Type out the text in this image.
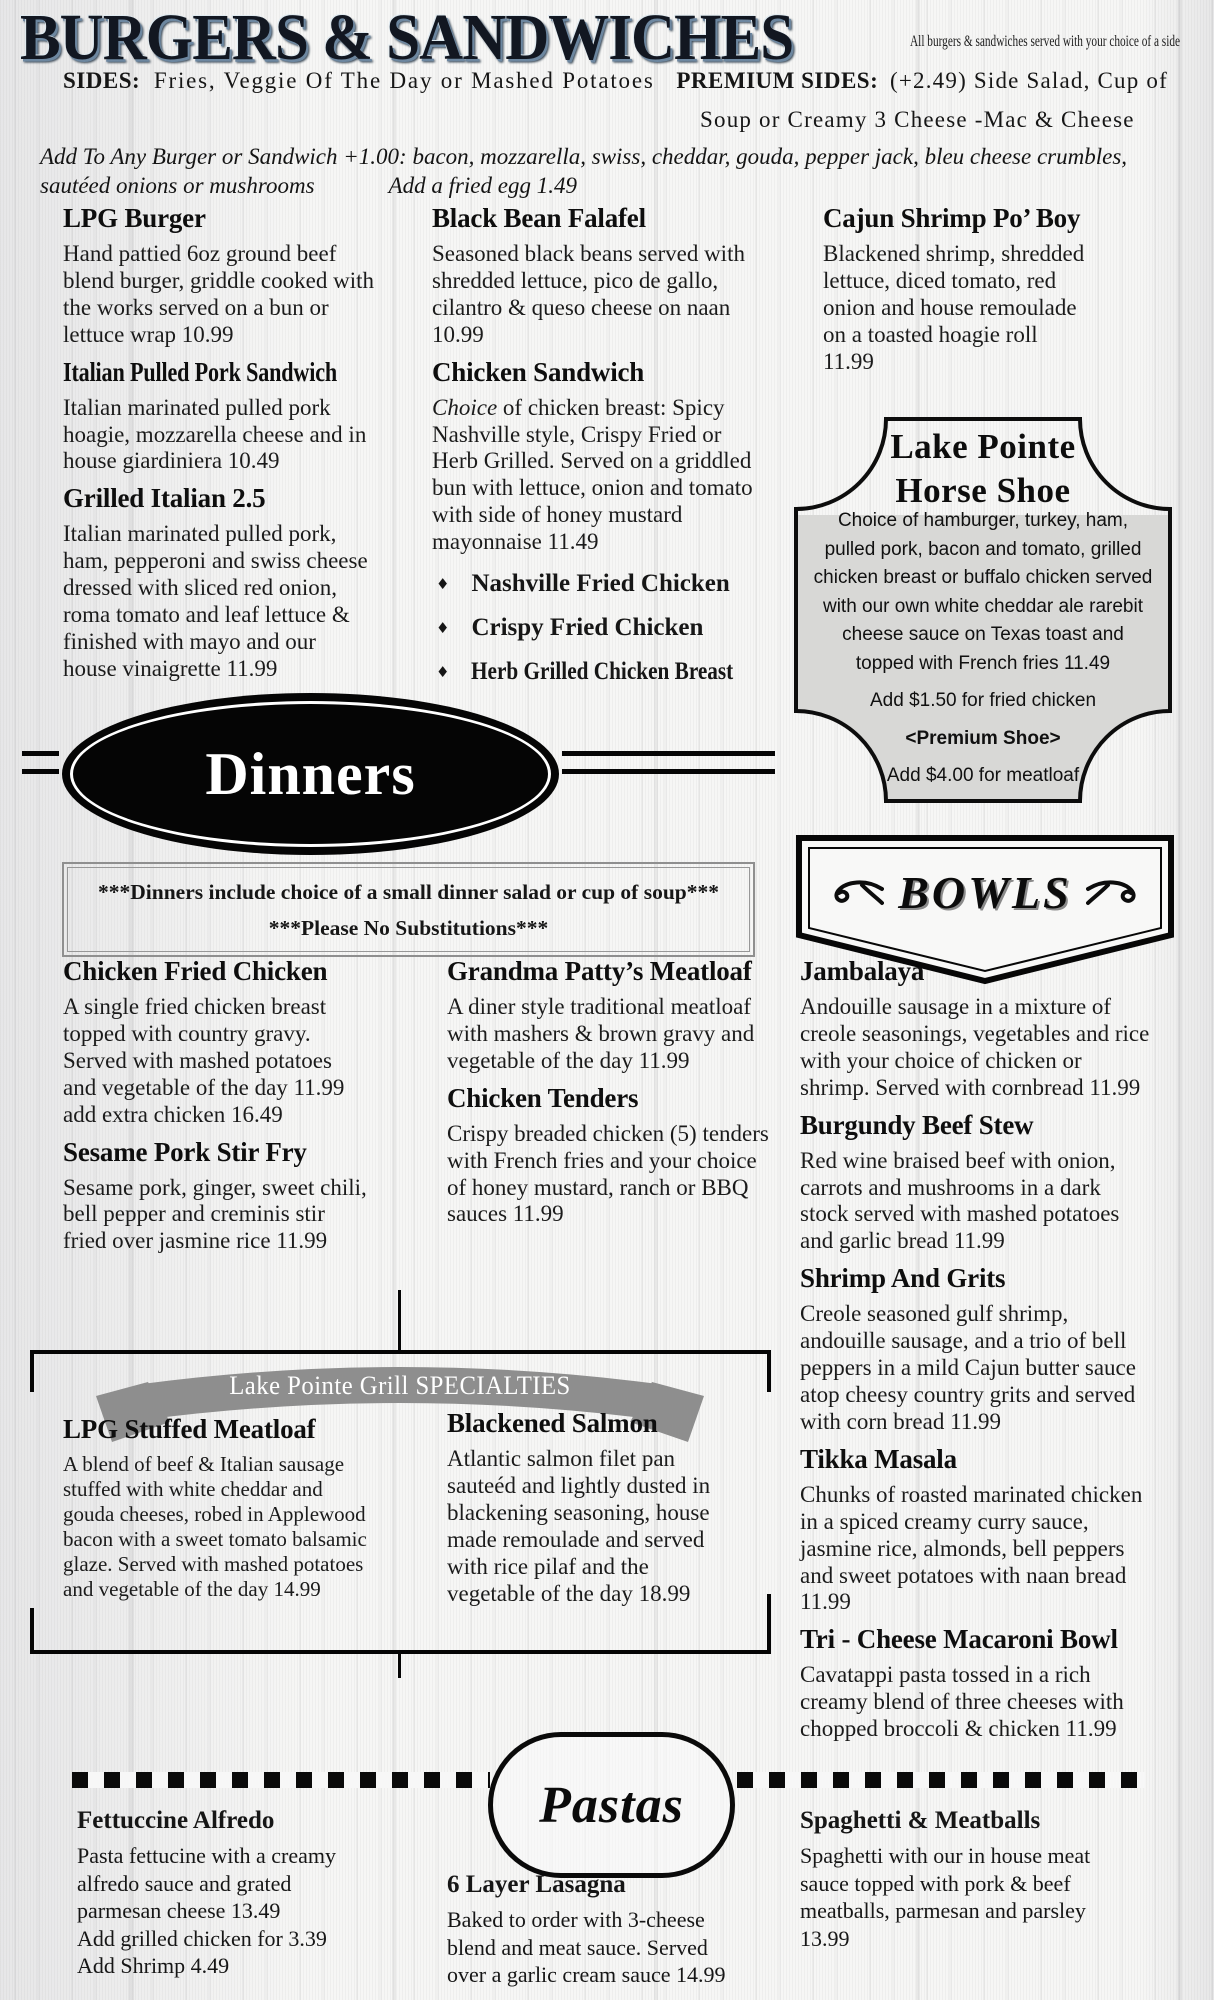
BURGERS & SANDWICHES	All burgers & sandwiches served with your choice of a side
SIDES: Fries, Veggie Of The Day or Mashed Potatoes PREMIUM SIDES: (+2.49) Side Salad, Cup of
Soup or Creamy 3 Cheese -Mac & Cheese
Add To Any Burger or Sandwich +1.00: bacon, mozzarella, swiss, cheddar, gouda, pepper jack, bleu cheese crumbles,
sautéed onions or mushrooms	Add a fried egg 1.49
LPG Burger
Hand pattied 6oz ground beef blend burger, griddle cooked with the works served on a bun or lettuce wrap 10.99
Italian Pulled Pork Sandwich
Italian marinated pulled pork hoagie, mozzarella cheese and in house giardiniera 10.49
Grilled Italian 2.5
Italian marinated pulled pork, ham, pepperoni and swiss cheese dressed with sliced red onion, roma tomato and leaf lettuce & finished with mayo and our house vinaigrette 11.99
Black Bean Falafel
Seasoned black beans served with shredded lettuce, pico de gallo, cilantro & queso cheese on naan 10.99
Chicken Sandwich
Choice of chicken breast: Spicy Nashville style, Crispy Fried or Herb Grilled. Served on a griddled bun with lettuce, onion and tomato with side of honey mustard mayonnaise 11.49
♦ Nashville Fried Chicken
♦ Crispy Fried Chicken
♦ Herb Grilled Chicken Breast
Cajun Shrimp Po’ Boy
Blackened shrimp, shredded lettuce, diced tomato, red onion and house remoulade on a toasted hoagie roll 11.99
Lake Pointe
Horse Shoe
Choice of hamburger, turkey, ham, pulled pork, bacon and tomato, grilled chicken breast or buffalo chicken served with our own white cheddar ale rarebit cheese sauce on Texas toast and topped with French fries 11.49
Add $1.50 for fried chicken
<Premium Shoe>
Add $4.00 for meatloaf
BOWLS
Dinners
***Dinners include choice of a small dinner salad or cup of soup***
***Please No Substitutions***
Chicken Fried Chicken
A single fried chicken breast topped with country gravy. Served with mashed potatoes and vegetable of the day 11.99 add extra chicken 16.49
Sesame Pork Stir Fry
Sesame pork, ginger, sweet chili, bell pepper and creminis stir fried over jasmine rice 11.99
Grandma Patty’s Meatloaf
A diner style traditional meatloaf with mashers & brown gravy and vegetable of the day 11.99
Chicken Tenders
Crispy breaded chicken (5) tenders with French fries and your choice of honey mustard, ranch or BBQ sauces 11.99
Jambalaya
Andouille sausage in a mixture of creole seasonings, vegetables and rice with your choice of chicken or shrimp. Served with cornbread 11.99
Burgundy Beef Stew
Red wine braised beef with onion, carrots and mushrooms in a dark stock served with mashed potatoes and garlic bread 11.99
Shrimp And Grits
Creole seasoned gulf shrimp, andouille sausage, and a trio of bell peppers in a mild Cajun butter sauce atop cheesy country grits and served with corn bread 11.99
Tikka Masala
Chunks of roasted marinated chicken in a spiced creamy curry sauce, jasmine rice, almonds, bell peppers and sweet potatoes with naan bread 11.99
Tri - Cheese Macaroni Bowl
Cavatappi pasta tossed in a rich creamy blend of three cheeses with chopped broccoli & chicken 11.99
Lake Pointe Grill SPECIALTIES
LPG Stuffed Meatloaf
A blend of beef & Italian sausage stuffed with white cheddar and gouda cheeses, robed in Applewood bacon with a sweet tomato balsamic glaze. Served with mashed potatoes and vegetable of the day 14.99
Blackened Salmon
Atlantic salmon filet pan sauteéd and lightly dusted in blackening seasoning, house made remoulade and served with rice pilaf and the vegetable of the day 18.99
Pastas
Fettuccine Alfredo
Pasta fettucine with a creamy alfredo sauce and grated parmesan cheese 13.49
Add grilled chicken for 3.39
Add Shrimp 4.49
6 Layer Lasagna
Baked to order with 3-cheese blend and meat sauce. Served over a garlic cream sauce 14.99
Spaghetti & Meatballs
Spaghetti with our in house meat sauce topped with pork & beef meatballs, parmesan and parsley 13.99
